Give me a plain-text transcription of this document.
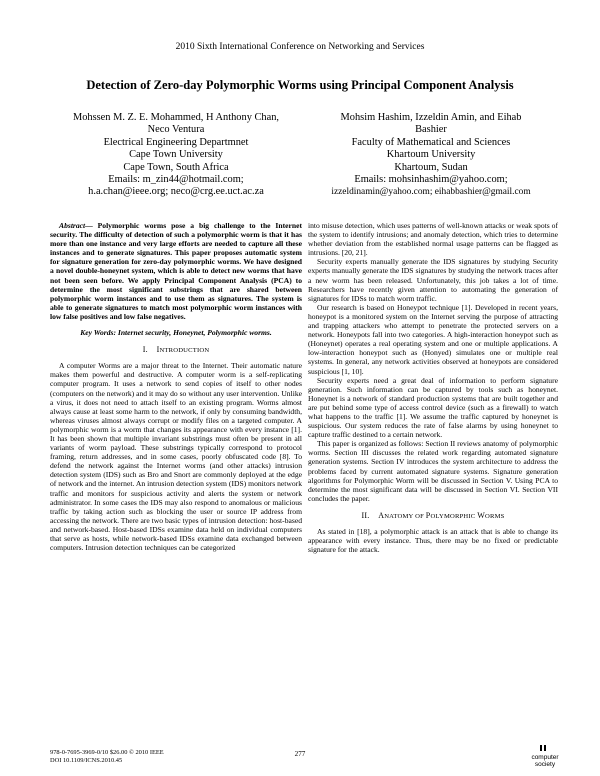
2010 Sixth International Conference on Networking and Services
Detection of Zero-day Polymorphic Worms using Principal Component Analysis
Mohssen M. Z. E. Mohammed, H Anthony Chan,
Neco Ventura
Electrical Engineering Departmnet
Cape Town University
Cape Town, South Africa
Emails: m_zin44@hotmail.com;
h.a.chan@ieee.org; neco@crg.ee.uct.ac.za
Mohsim Hashim, Izzeldin Amin, and Eihab
Bashier
Faculty of Mathematical and Sciences
Khartoum University
Khartoum, Sudan
Emails: mohsinhashim@yahoo.com;
izzeldinamin@yahoo.com; eihabbashier@gmail.com

Abstract— Polymorphic worms pose a big challenge to the Internet security. The difficulty of detection of such a polymorphic worm is that it has more than one instance and very large efforts are needed to capture all these instances and to generate signatures. This paper proposes automatic system for signature generation for zero-day polymorphic worms. We have designed a novel double-honeynet system, which is able to detect new worms that have not been seen before. We apply Principal Component Analysis (PCA) to determine the most significant substrings that are shared between polymorphic worm instances and to use them as signatures. The system is able to generate signatures to match most polymorphic worm instances with low false positives and low false negatives.

Key Words: Internet security, Honeynet, Polymorphic worms.

I. INTRODUCTION

A computer Worms are a major threat to the Internet. Their automatic nature makes them powerful and destructive. A computer worm is a self-replicating computer program. It uses a network to send copies of itself to other nodes (computers on the network) and it may do so without any user intervention. Unlike a virus, it does not need to attach itself to an existing program. Worms almost always cause at least some harm to the network, if only by consuming bandwidth, whereas viruses almost always corrupt or modify files on a targeted computer. A polymorphic worm is a worm that changes its appearance with every instance [1]. It has been shown that multiple invariant substrings must often be present in all variants of worm payload. These substrings typically correspond to protocol framing, return addresses, and in some cases, poorly obfuscated code [8]. To defend the network against the Internet worms (and other attacks) intrusion detection system (IDS) such as Bro and Snort are commonly deployed at the edge of network and the internet. An intrusion detection system (IDS) monitors network traffic and monitors for suspicious activity and alerts the system or network administrator. In some cases the IDS may also respond to anomalous or malicious traffic by taking action such as blocking the user or source IP address from accessing the network. There are two basic types of intrusion detection: host-based and network-based. Host-based IDSs examine data held on individual computers that serve as hosts, while network-based IDSs examine data exchanged between computers. Intrusion detection techniques can be categorized

into misuse detection, which uses patterns of well-known attacks or weak spots of the system to identify intrusions; and anomaly detection, which tries to determine whether deviation from the established normal usage patterns can be flagged as intrusions. [20, 21].

Security experts manually generate the IDS signatures by studying Security experts manually generate the IDS signatures by studying the network traces after a new worm has been released. Unfortunately, this job takes a lot of time. Researchers have recently given attention to automating the generation of signatures for IDSs to match worm traffic.

Our research is based on Honeypot technique [1]. Developed in recent years, honeypot is a monitored system on the Internet serving the purpose of attracting and trapping attackers who attempt to penetrate the protected servers on a network. Honeypots fall into two categories. A high-interaction honeypot such as (Honeynet) operates a real operating system and one or multiple applications. A low-interaction honeypot such as (Honyed) simulates one or multiple real systems. In general, any network activities observed at honeypots are considered suspicious [1, 10].

Security experts need a great deal of information to perform signature generation. Such information can be captured by tools such as honeynet. Honeynet is a network of standard production systems that are built together and are put behind some type of access control device (such as a firewall) to watch what happens to the traffic [1]. We assume the traffic captured by honeynet is suspicious. Our system reduces the rate of false alarms by using honeynet to capture traffic destined to a certain network.

This paper is organized as follows: Section II reviews anatomy of polymorphic worms. Section III discusses the related work regarding automated signature generation systems. Section IV introduces the system architecture to address the problems faced by current automated signature systems. Signature generation algorithms for Polymorphic Worm will be discussed in Section V. Using PCA to determine the most significant data will be discussed in Section VI. Section VII concludes the paper.

II. ANATOMY OF POLYMORPHIC WORMS

As stated in [18], a polymorphic attack is an attack that is able to change its appearance with every instance. Thus, there may be no fixed or predictable signature for the attack.

978-0-7695-3969-0/10 $26.00 © 2010 IEEE
DOI 10.1109/ICNS.2010.45
277	computer
society
